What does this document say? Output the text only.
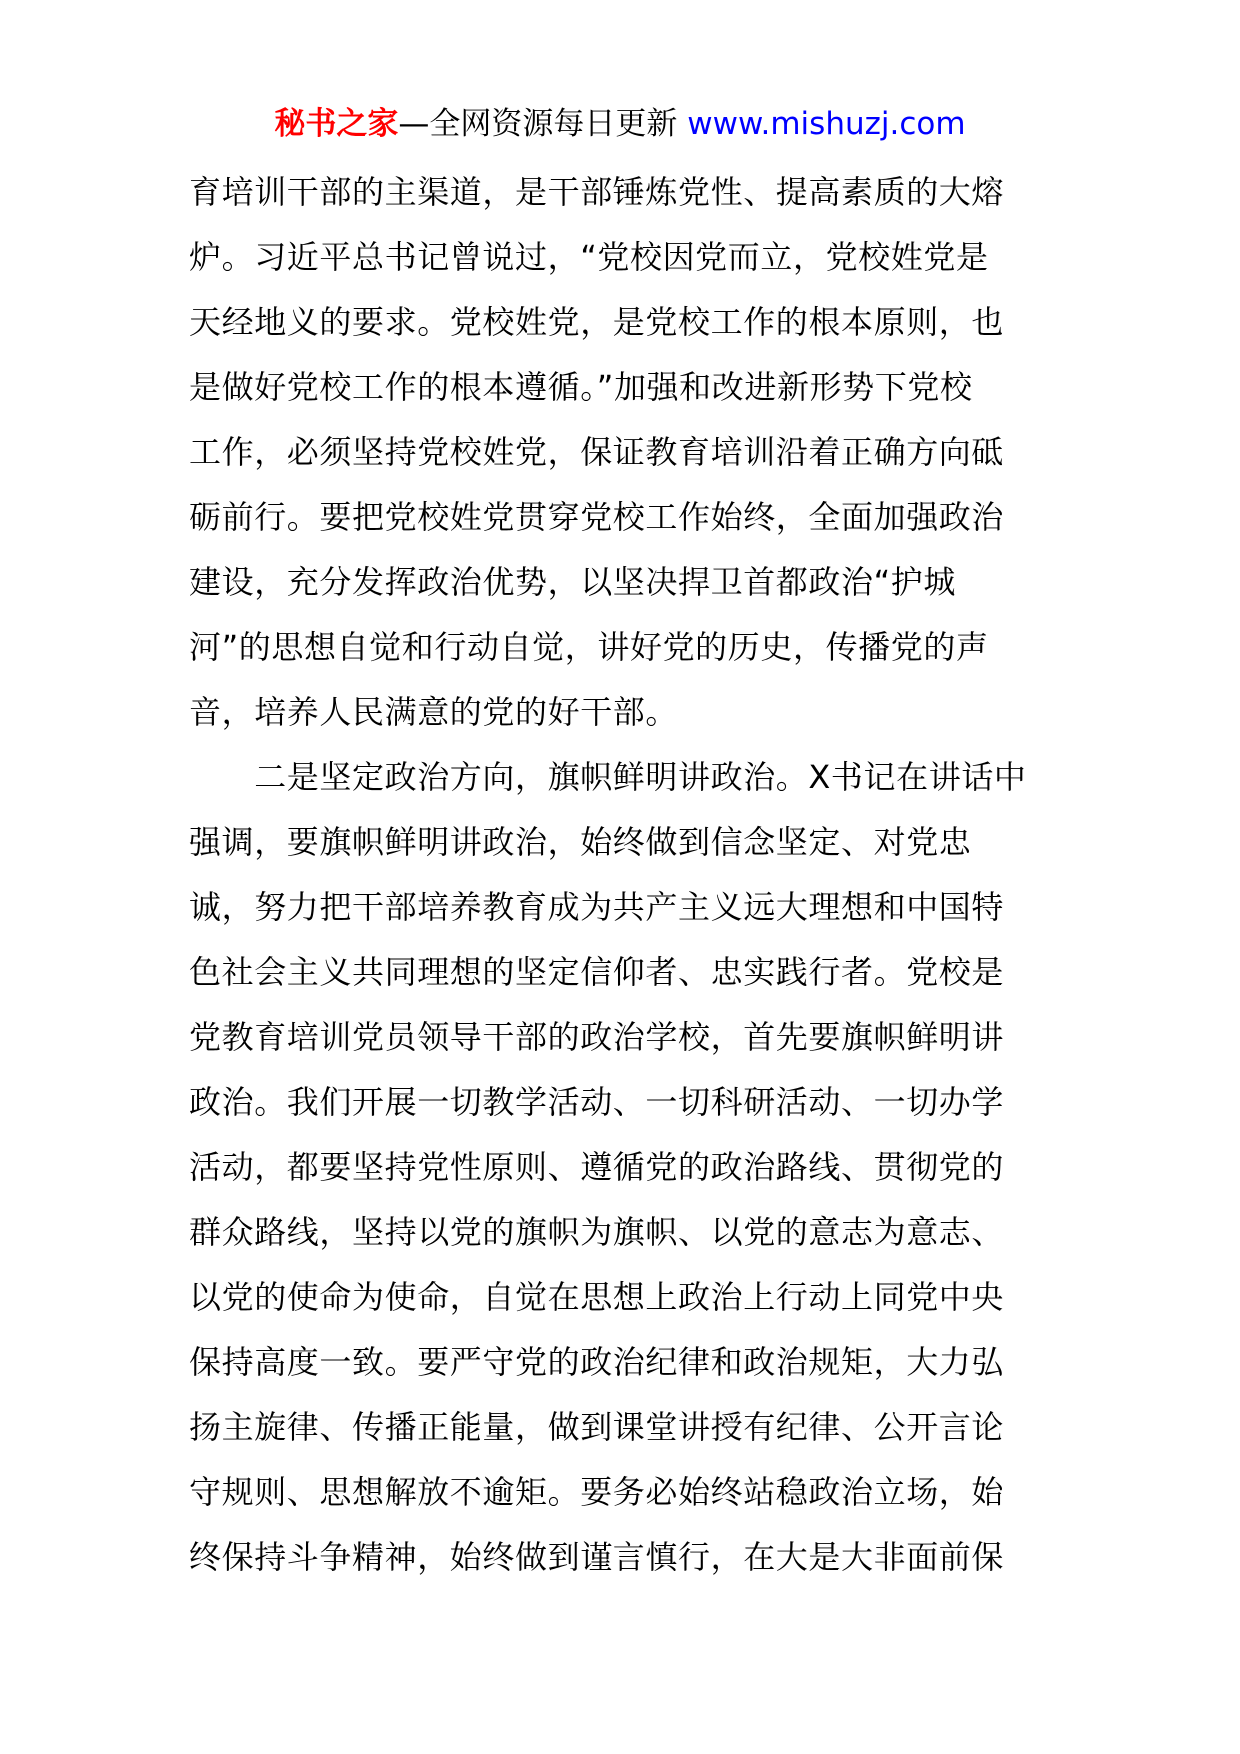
秘书之家—全网资源每日更新 www.mishuzj.com
育培训干部的主渠道，是干部锤炼党性、提高素质的大熔
炉。习近平总书记曾说过，“党校因党而立，党校姓党是
天经地义的要求。党校姓党，是党校工作的根本原则，也
是做好党校工作的根本遵循。”加强和改进新形势下党校
工作，必须坚持党校姓党，保证教育培训沿着正确方向砥
砺前行。要把党校姓党贯穿党校工作始终，全面加强政治
建设，充分发挥政治优势，以坚决捍卫首都政治“护城
河”的思想自觉和行动自觉，讲好党的历史，传播党的声
音，培养人民满意的党的好干部。
　　二是坚定政治方向，旗帜鲜明讲政治。X书记在讲话中
强调，要旗帜鲜明讲政治，始终做到信念坚定、对党忠
诚，努力把干部培养教育成为共产主义远大理想和中国特
色社会主义共同理想的坚定信仰者、忠实践行者。党校是
党教育培训党员领导干部的政治学校，首先要旗帜鲜明讲
政治。我们开展一切教学活动、一切科研活动、一切办学
活动，都要坚持党性原则、遵循党的政治路线、贯彻党的
群众路线，坚持以党的旗帜为旗帜、以党的意志为意志、
以党的使命为使命，自觉在思想上政治上行动上同党中央
保持高度一致。要严守党的政治纪律和政治规矩，大力弘
扬主旋律、传播正能量，做到课堂讲授有纪律、公开言论
守规则、思想解放不逾矩。要务必始终站稳政治立场，始
终保持斗争精神，始终做到谨言慎行，在大是大非面前保
